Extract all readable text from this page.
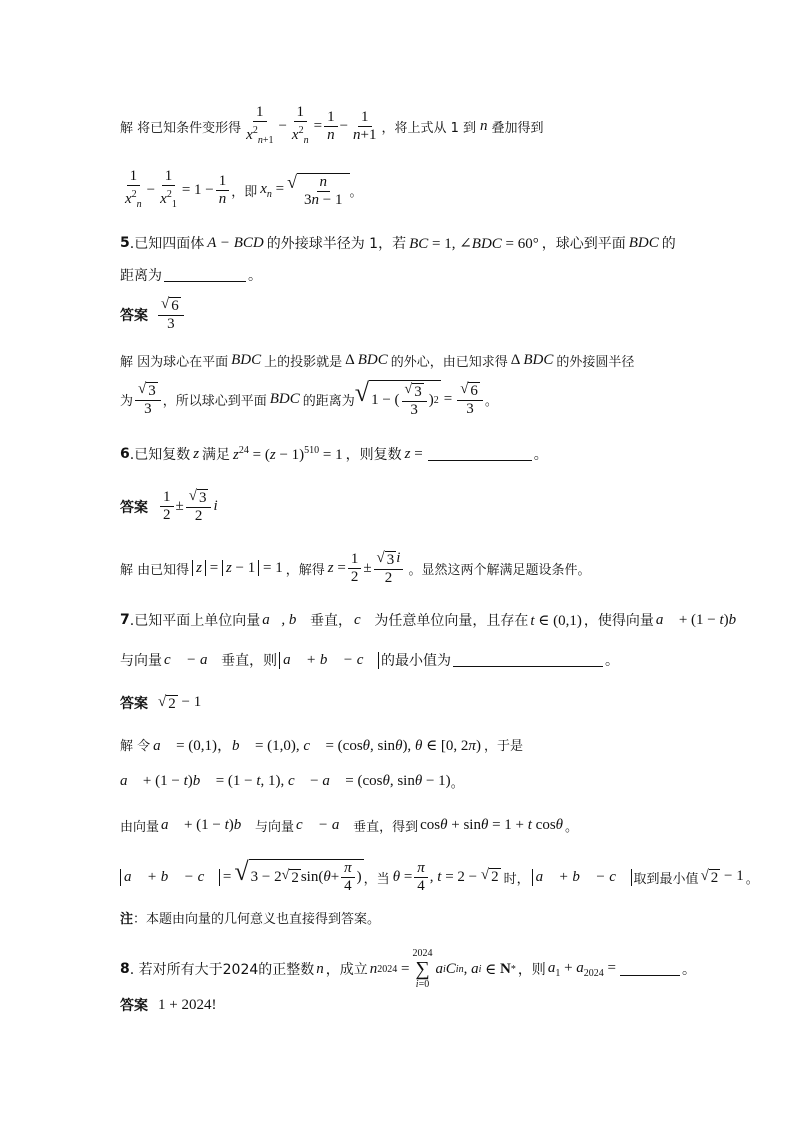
解 将已知条件变形得 $\frac{1}{x^2_{n+1}} - \frac{1}{x^2_n} = \frac{1}{n} - \frac{1}{n+1}$ ，将上式从 1 到 n 叠加得到
$\frac{1}{x^2_n} - \frac{1}{x^2_1} = 1 - \frac{1}{n}$ ，即 $x_n$ = √ $\frac{n}{3n - 1}$ 。
5 .已知四面体 A − BCD 的外接球半径为 1，若 BC = 1, ∠BDC = 60° ，球心到平面 BDC 的
距离为	。
答案 $\frac{√ 6}{3}$
解 因为球心在平面 BDC 上的投影就是 Δ BDC 的外心，由已知求得 Δ BDC 的外接圆半径
为 $\frac{√ 3}{3}$ ，所以球心到平面 BDC 的距离为 √ 1 − ( $\frac{√ 3}{3}$ ) $2 = \frac{√ 6}{3}$ 。
6 .已知复数 z 满足 $z^{24} = (z - 1)^{510} = 1$ ，则复数 z =	。
答案 $\frac{1}{2} \pm \frac{√ 3}{2}$ i
解 由已知得 z = z − 1 = 1 ，解得 $z = \frac{1}{2} \pm \frac{√ 3 i}{2}$ 。显然这两个解满足题设条件。
7 .已知平面上单位向量 a⃗, b⃗ 垂直， c⃗ 为任意单位向量，且存在 t ∈ (0,1) ，使得向量 a⃗ + (1 − t)b⃗
与向量 c⃗ − a⃗ 垂直，则 a⃗ + b⃗ − c⃗ 的最小值为	。
答案 √ 2 − 1
解 令 a⃗ = (0,1)，b⃗ = (1,0), c⃗ = (cosθ, sinθ), θ ∈ [0, 2π) ，于是
a⃗ + (1 − t)b⃗ = (1 − t, 1), c⃗ − a⃗ = (cosθ, sinθ − 1) 。
由向量 a⃗ + (1 − t)b⃗ 与向量 c⃗ − a⃗ 垂直，得到 cosθ + sinθ = 1 + t cosθ 。
a⃗ + b⃗ − c⃗ = √ 3 − 2 √ 2 sin( $\theta + \frac{\pi}{4}$ ) ，当 $\theta = \frac{\pi}{4}$ , t = 2 − √ 2 时， a⃗ + b⃗ − c⃗ 取到最小值 √ 2 − 1 。
注 ：本题由向量的几何意义也直接得到答案。
8 . 若对所有大于2024的正整数 n ，成立 n 2024 =
2024
∑
i=0
a i C i n , a i ∈ N * ，则 $a_1 + a_{2024}$ =	。
答案 1 + 2024!
